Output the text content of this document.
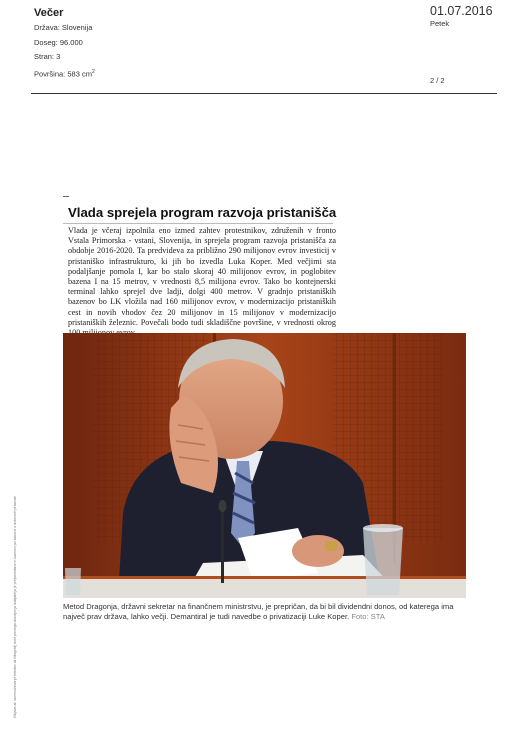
Večer
Država: Slovenija
Doseg: 96.000
Stran: 3
Površina: 583 $cm^2$
01.07.2016
Petek
2 / 2
Vlada sprejela program razvoja pristanišča
Vlada je včeraj izpolnila eno izmed zahtev protestnikov, združenih v fronto Vstala Primorska - vstani, Slovenija, in sprejela program razvoja pristanišča za obdobje 2016-2020. Ta predvideva za približno 290 milijonov evrov investicij v pristaniško infrastrukturo, ki jih bo izvedla Luka Koper. Med večjimi sta podaljšanje pomola I, kar bo stalo skoraj 40 milijonov evrov, in poglobitev bazena I na 15 metrov, v vrednosti 8,5 milijona evrov. Tako bo kontejnerski terminal lahko sprejel dve ladji, dolgi 400 metrov. V gradnjo pristaniških bazenov bo LK vložila nad 160 milijonov evrov, v modernizacijo pristaniških cest in novih vhodov čez 20 milijonov in 15 milijonov v modernizacijo pristaniških železnic. Povečali bodo tudi skladiščne površine, v vrednosti okrog
Metod Dragonja, državni sekretar na finančnem ministrstvu, je prepričan, da bi bil dividendni donos, od katerega ima največ prav država, lahko večji. Demantiral je tudi navedbe o privatizaciji Luke Koper. Foto: STA
Objava ali razmnoževanje tekstov ali fotografij brez pisnega dovoljenja izdajatelja je prepovedano in kaznivo po zakonu o avtorskih pravicah
